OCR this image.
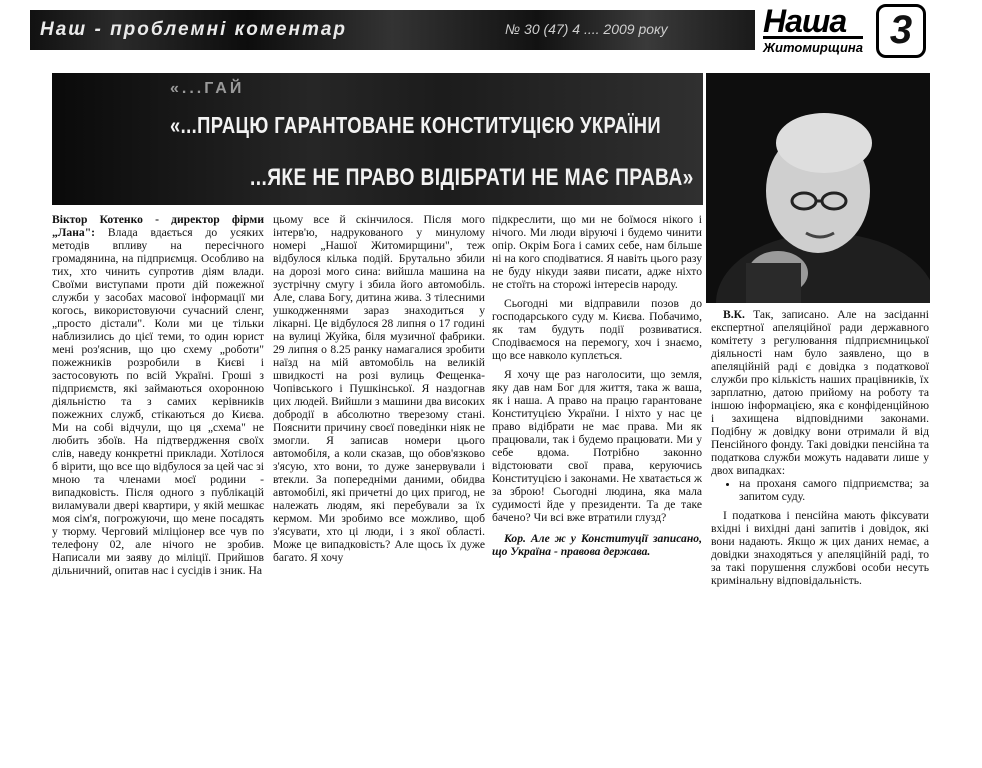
Наш - проблемні коментар	№ 30 (47) 4 .... 2009 року	Наша
Житомирщина 3
«...ГАЙ
«...ПРАЦЮ ГАРАНТОВАНЕ КОНСТИТУЦІЄЮ УКРАЇНИ
...ЯКЕ НЕ ПРАВО ВІДІБРАТИ НЕ МАЄ ПРАВА»

Віктор Котенко - директор фірми „Лана": Влада вдається до усяких методів впливу на пересічного громадянина, на підприємця. Особливо на тих, хто чинить супротив діям влади. Своїми виступами проти дій пожежної служби у засобах масової інформації ми когось, використовуючи сучасний сленг, „просто дістали". Коли ми це тільки наблизились до цієї теми, то один юрист мені роз'яснив, що цю схему „роботи" пожежників розробили в Києві і застосовують по всій Україні. Гроші з підприємств, які займаються охоронною діяльністю та з самих керівників пожежних служб, стікаються до Києва. Ми на собі відчули, що ця „схема" не любить збоїв. На підтвердження своїх слів, наведу конкретні приклади. Хотілося б вірити, що все що відбулося за цей час зі мною та членами моєї родини - випадковість. Після одного з публікацій виламували двері квартири, у якій мешкає моя сім'я, погрожуючи, що мене посадять у тюрму. Черговий міліціонер все чув по телефону 02, але нічого не зробив. Написали ми заяву до міліції. Прийшов дільничний, опитав нас і сусідів і зник. На

цьому все й скінчилося. Після мого інтерв'ю, надрукованого у минулому номері „Нашої Житомирщини", теж відбулося кілька подій. Брутально збили на дорозі мого сина: вийшла машина на зустрічну смугу і збила його автомобіль. Але, слава Богу, дитина жива. З тілесними ушкодженнями зараз знаходиться у лікарні. Це відбулося 28 липня о 17 годині на вулиці Жуйка, біля музичної фабрики. 29 липня о 8.25 ранку намагалися зробити наїзд на мій автомобіль на великій швидкості на розі вулиць Фещенка-Чопівського і Пушкінської. Я наздогнав цих людей. Вийшли з машини два високих добродії в абсолютно тверезому стані. Пояснити причину своєї поведінки ніяк не змогли. Я записав номери цього автомобіля, а коли сказав, що обов'язково з'ясую, хто вони, то дуже занервували і втекли. За попередніми даними, обидва автомобілі, які причетні до цих пригод, не належать людям, які перебували за їх кермом. Ми зробимо все можливо, щоб з'ясувати, хто ці люди, і з якої області. Може це випадковість? Але щось їх дуже багато. Я хочу

підкреслити, що ми не боїмося нікого і нічого. Ми люди віруючі і будемо чинити опір. Окрім Бога і самих себе, нам більше ні на кого сподіватися. Я навіть цього разу не буду нікуди заяви писати, адже ніхто не стоїть на сторожі інтересів народу.

Сьогодні ми відправили позов до господарського суду м. Києва. Побачимо, як там будуть події розвиватися. Сподіваємося на перемогу, хоч і знаємо, що все навколо куплється.

Я хочу ще раз наголосити, що земля, яку дав нам Бог для життя, така ж ваша, як і наша. А право на працю гарантоване Конституцією України. І ніхто у нас це право відібрати не має права. Ми як працювали, так і будемо працювати. Ми у себе вдома. Потрібно законно відстоювати свої права, керуючись Конституцією і законами. Не хватається ж за зброю! Сьогодні людина, яка мала судимості йде у президенти. Та де таке бачено? Чи всі вже втратили глузд?

Кор. Але ж у Конституції записано, що Україна - правова держава.

В.К. Так, записано. Але на засіданні експертної апеляційної ради державного комітету з регулювання підприємницької діяльності нам було заявлено, що в апеляційній раді є довідка з податкової служби про кількість наших працівників, їх зарплатню, датою прийому на роботу та іншою інформацією, яка є конфіденційною і захищена відповідними законами. Подібну ж довідку вони отримали й від Пенсійного фонду. Такі довідки пенсійна та податкова служби можуть надавати лише у двох випадках:

• на проханя самого підприємства; за запитом суду.

І податкова і пенсійна мають фіксувати вхідні і вихідні дані запитів і довідок, які вони надають. Якщо ж цих даних немає, а довідки знаходяться у апеляційній раді, то за такі порушення службові особи несуть кримінальну відповідальність.
